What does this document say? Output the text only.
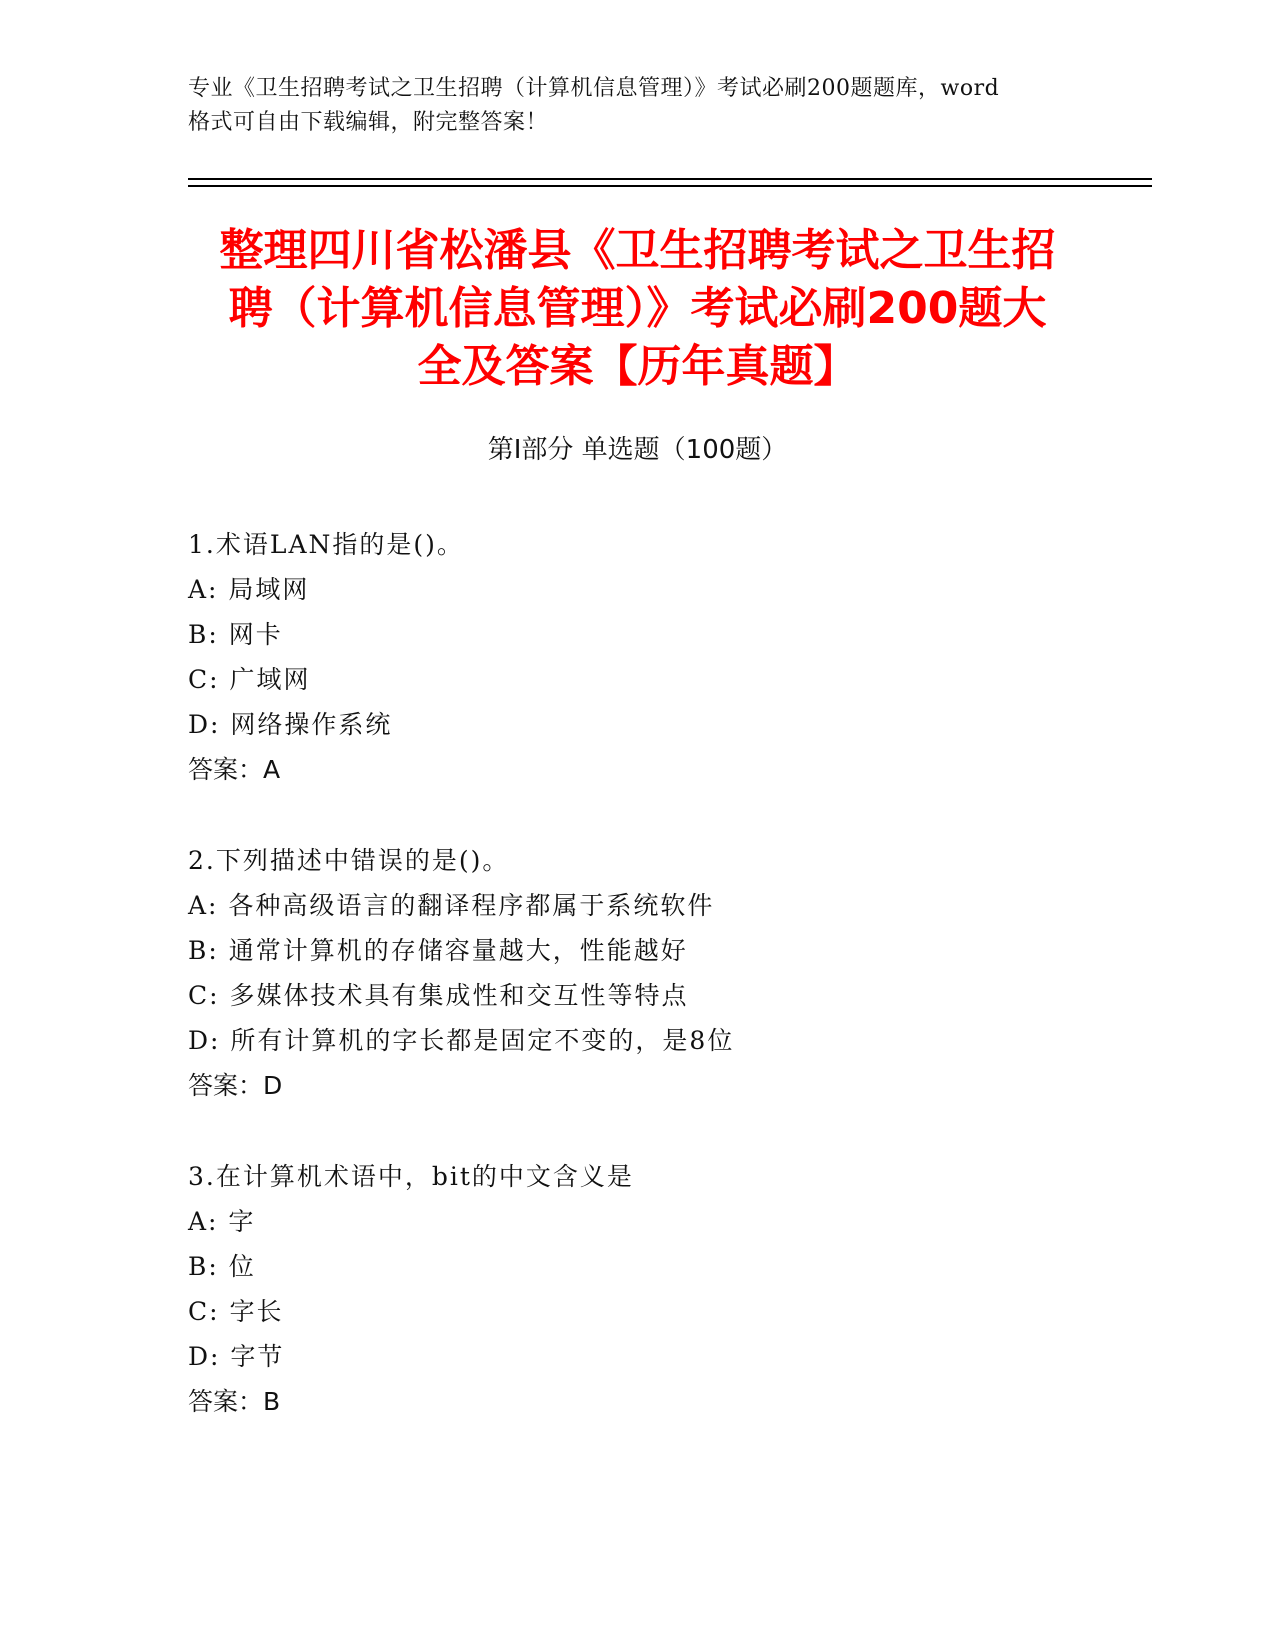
专业《卫生招聘考试之卫生招聘（计算机信息管理）》考试必刷200题题库，word
格式可自由下载编辑，附完整答案！
整理四川省松潘县《卫生招聘考试之卫生招
聘（计算机信息管理）》考试必刷200题大
全及答案【历年真题】
第Ⅰ部分 单选题（100题）
1.术语LAN指的是()。
A: 局域网
B: 网卡
C: 广域网
D: 网络操作系统
答案：A
2.下列描述中错误的是()。
A: 各种高级语言的翻译程序都属于系统软件
B: 通常计算机的存储容量越大，性能越好
C: 多媒体技术具有集成性和交互性等特点
D: 所有计算机的字长都是固定不变的，是8位
答案：D
3.在计算机术语中，bit的中文含义是
A: 字
B: 位
C: 字长
D: 字节
答案：B
